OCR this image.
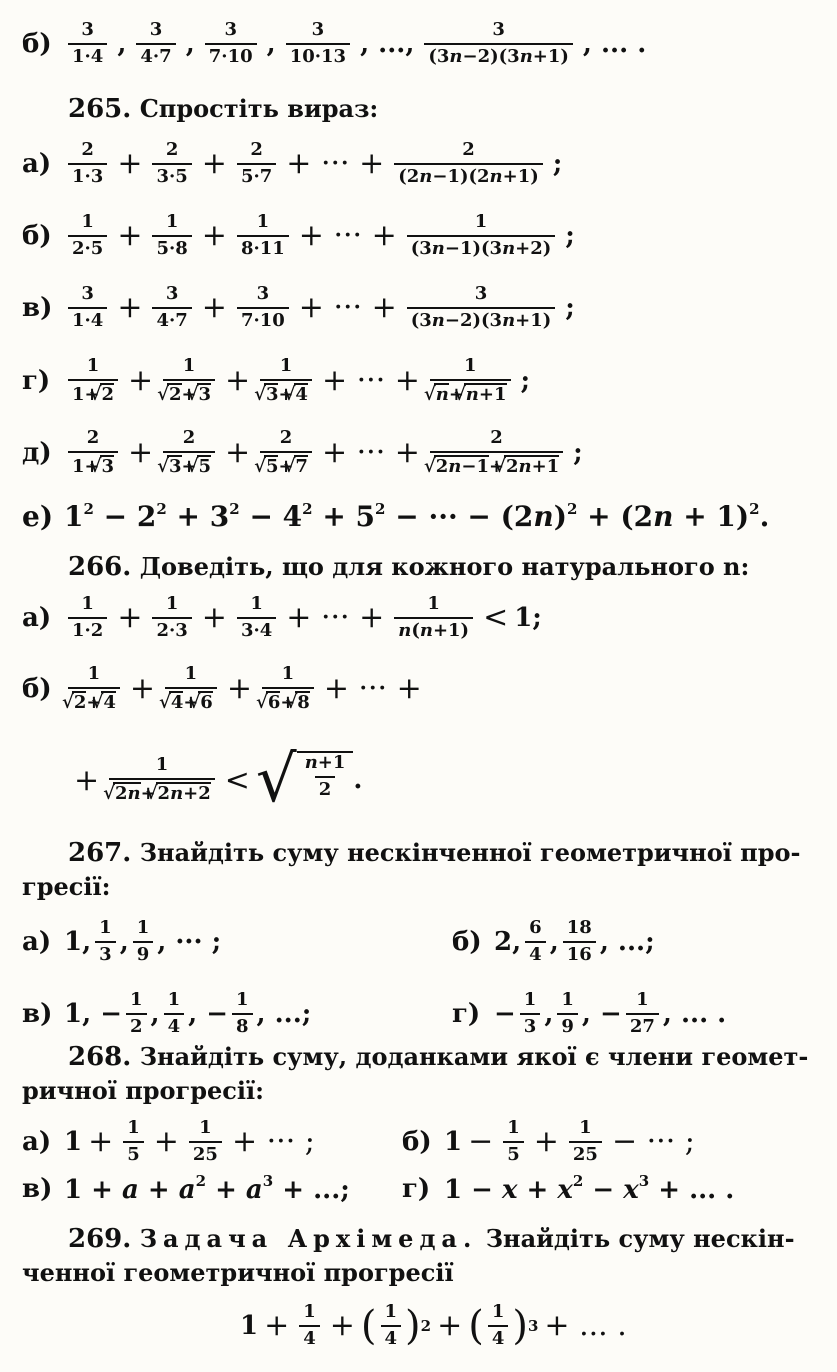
$б) \frac{3}{1\cdot 4}$ , $\frac{3}{4\cdot 7}$ , $\frac{3}{7\cdot 10}$ , $\frac{3}{10\cdot 13}$ , ..., $\frac{3}{(3n-2)(3n+1)}$ , ... .
265. Спростіть вираз:
$а) \frac{2}{1\cdot 3} + \frac{2}{3\cdot 5} + \frac{2}{5\cdot 7}$ + ··· + $\frac{2}{(2n-1)(2n+1)}$ ;
$б) \frac{1}{2\cdot 5} + \frac{1}{5\cdot 8} + \frac{1}{8\cdot 11}$ + ··· + $\frac{1}{(3n-1)(3n+2)}$ ;
$в) \frac{3}{1\cdot 4} + \frac{3}{4\cdot 7} + \frac{3}{7\cdot 10}$ + ··· + $\frac{3}{(3n-2)(3n+1)}$ ;
$г) \frac{1}{1+ √ 2} + 1$
√ 2+ √ 3 + 1
√ 3+ √ 4 + ··· + 1
√ n+ √ n+1 ;
$д) \frac{2}{1+ √ 3} + 2$
√ 3+ √ 5 + 2
√ 5+ √ 7 + ··· + 2
√ 2n−1+ √ 2n+1 ;
е) $1^2 - 2^2 + 3^2 - 4^2 + 5^2$ − ··· − $(2n)^2 + (2n + 1)^2$.
266. Доведіть, що для кожного натурального n:
$а) \frac{1}{1\cdot 2} + \frac{1}{2\cdot 3} + \frac{1}{3\cdot 4}$ + ··· + $\frac{1}{n(n+1)} < 1$;
б) 1
√ 2+ √ 4 + 1
√ 4+ √ 6 + 1
√ 6+ √ 8 + ··· +
+ 1
√ 2n+ √ 2n+2 < √ $\frac{n+1}{2}$ .
267. Знайдіть суму нескінченної геометричної про-
гресії:
а) 1, $\frac{1}{3}$ , $\frac{1}{9}$ , ··· ;	б) 2, $\frac{6}{4}$ , $\frac{18}{16}$ , ...;
в) 1, − $\frac{1}{2}$ , $\frac{1}{4}$ , − $\frac{1}{8}$ , ...;	$г) - \frac{1}{3}$ , $\frac{1}{9}$ , − $\frac{1}{27}$ , ... .
268. Знайдіть суму, доданками якої є члени геомет-
ричної прогресії:
а) $1 + \frac{1}{5} + \frac{1}{25}$ + ··· ;	б) $1 - \frac{1}{5} + \frac{1}{25}$ − ··· ;
в) $1 + a + a^2 + a^3$ + ...; г) $1 - x + x^2 - x^3$ + ... .
269. Задача Архімеда. Знайдіть суму нескін-
ченної геометричної прогресії
$1 + \frac{1}{4}$ + ( $\frac{1}{4}$ ) 2 + ( $\frac{1}{4}$ ) 3 + ... .
